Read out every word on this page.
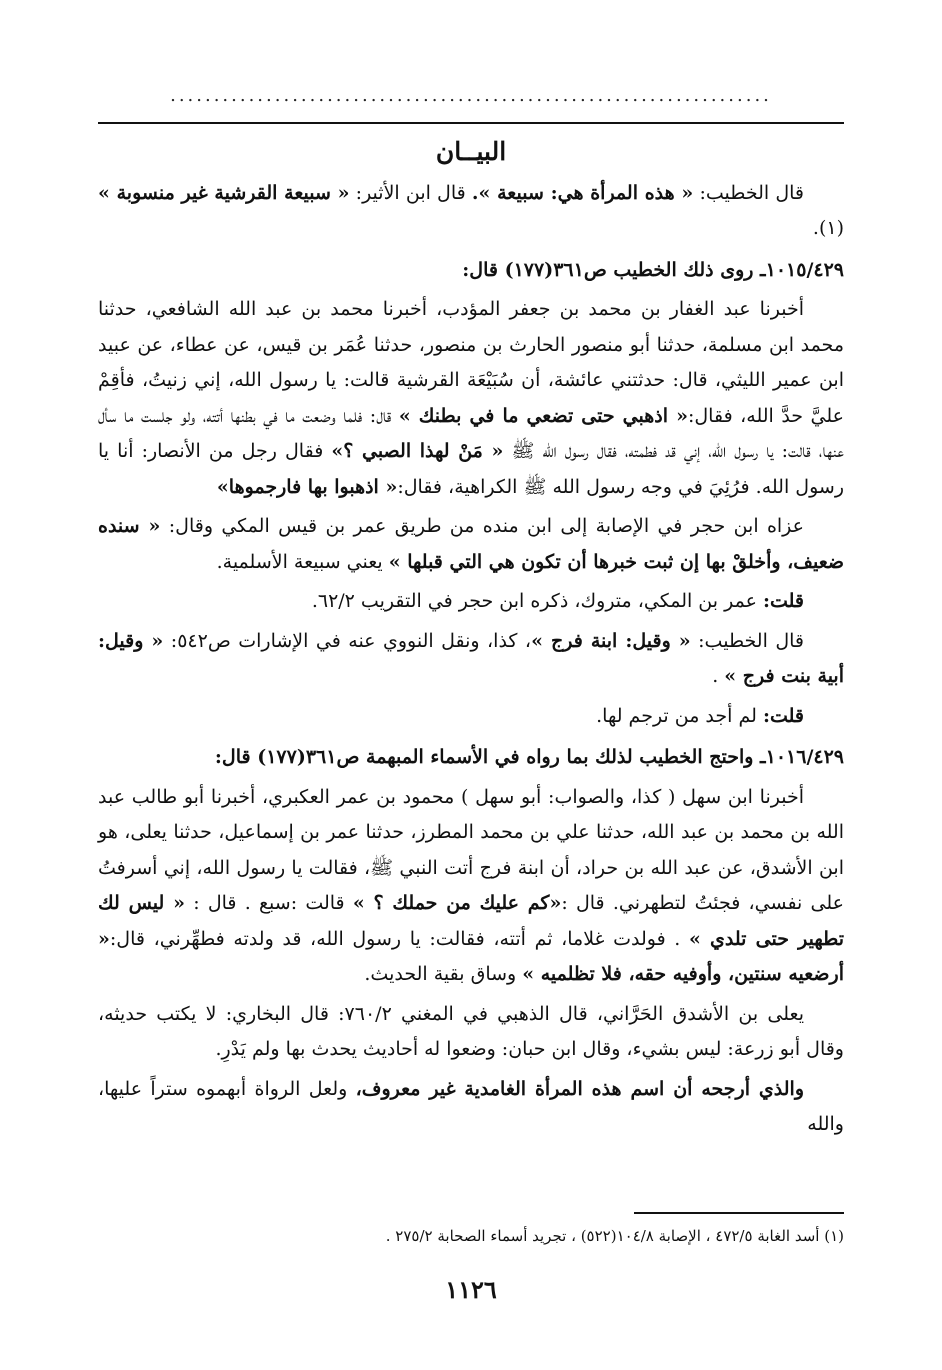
.....................................................................
البيــان

قال الخطيب: « هذه المرأة هي: سبيعة ». قال ابن الأثير: « سبيعة القرشية غير منسوبة » (١).

١٠١٥/٤٢٩ـ روى ذلك الخطيب ص٣٦١(١٧٧) قال:

أخبرنا عبد الغفار بن محمد بن جعفر المؤدب، أخبرنا محمد بن عبد الله الشافعي، حدثنا محمد ابن مسلمة، حدثنا أبو منصور الحارث بن منصور، حدثنا عُمَر بن قيس، عن عطاء، عن عبيد ابن عمير الليثي، قال: حدثتني عائشة، أن سُبَيْعَة القرشية قالت: يا رسول الله، إني زنيتُ، فأقِمْ عليَّ حدَّ الله، فقال:« اذهبي حتى تضعي ما في بطنك » قال: فلما وضعت ما في بطنها أتته، ولو جلست ما سأل عنها، قالت: يا رسول الله، إني قد فطمته، فقال رسول الله ﷺ « مَنْ لهذا الصبي ؟» فقال رجل من الأنصار: أنا يا رسول الله. فرُئِيَ في وجه رسول الله ﷺ الكراهية، فقال:« اذهبوا بها فارجموها»

عزاه ابن حجر في الإصابة إلى ابن منده من طريق عمر بن قيس المكي وقال: « سنده ضعيف، وأخلقْ بها إن ثبت خبرها أن تكون هي التي قبلها » يعني سبيعة الأسلمية.

قلت: عمر بن المكي، متروك، ذكره ابن حجر في التقريب ٦٢/٢.

قال الخطيب: « وقيل: ابنة فرج »، كذا، ونقل النووي عنه في الإشارات ص٥٤٢: « وقيل: أبية بنت فرج » .

قلت: لم أجد من ترجم لها.

١٠١٦/٤٢٩ـ واحتج الخطيب لذلك بما رواه في الأسماء المبهمة ص٣٦١(١٧٧) قال:

أخبرنا ابن سهل ( كذا، والصواب: أبو سهل ) محمود بن عمر العكبري، أخبرنا أبو طالب عبد الله بن محمد بن عبد الله، حدثنا علي بن محمد المطرز، حدثنا عمر بن إسماعيل، حدثنا يعلى، هو ابن الأشدق، عن عبد الله بن حراد، أن ابنة فرج أتت النبي ﷺ، فقالت يا رسول الله، إني أسرفتُ على نفسي، فجئتُ لتطهرني. قال :«كم عليك من حملك ؟ » قالت :سبع . قال : « ليس لك تطهير حتى تلدي » . فولدت غلاما، ثم أتته، فقالت: يا رسول الله، قد ولدته فطهِّرني، قال:« أرضعيه سنتين، وأوفيه حقه، فلا تظلميه » وساق بقية الحديث.

يعلى بن الأشدق الحَرَّاني، قال الذهبي في المغني ٧٦٠/٢: قال البخاري: لا يكتب حديثه، وقال أبو زرعة: ليس بشيء، وقال ابن حبان: وضعوا له أحاديث يحدث بها ولم يَدْرِ.

والذي أرجحه أن اسم هذه المرأة الغامدية غير معروف، ولعل الرواة أبهموه ستراً عليها، والله

(١) أسد الغابة ٤٧٢/٥ ، الإصابة ١٠٤/٨(٥٢٢) ، تجريد أسماء الصحابة ٢٧٥/٢ .
١١٢٦
